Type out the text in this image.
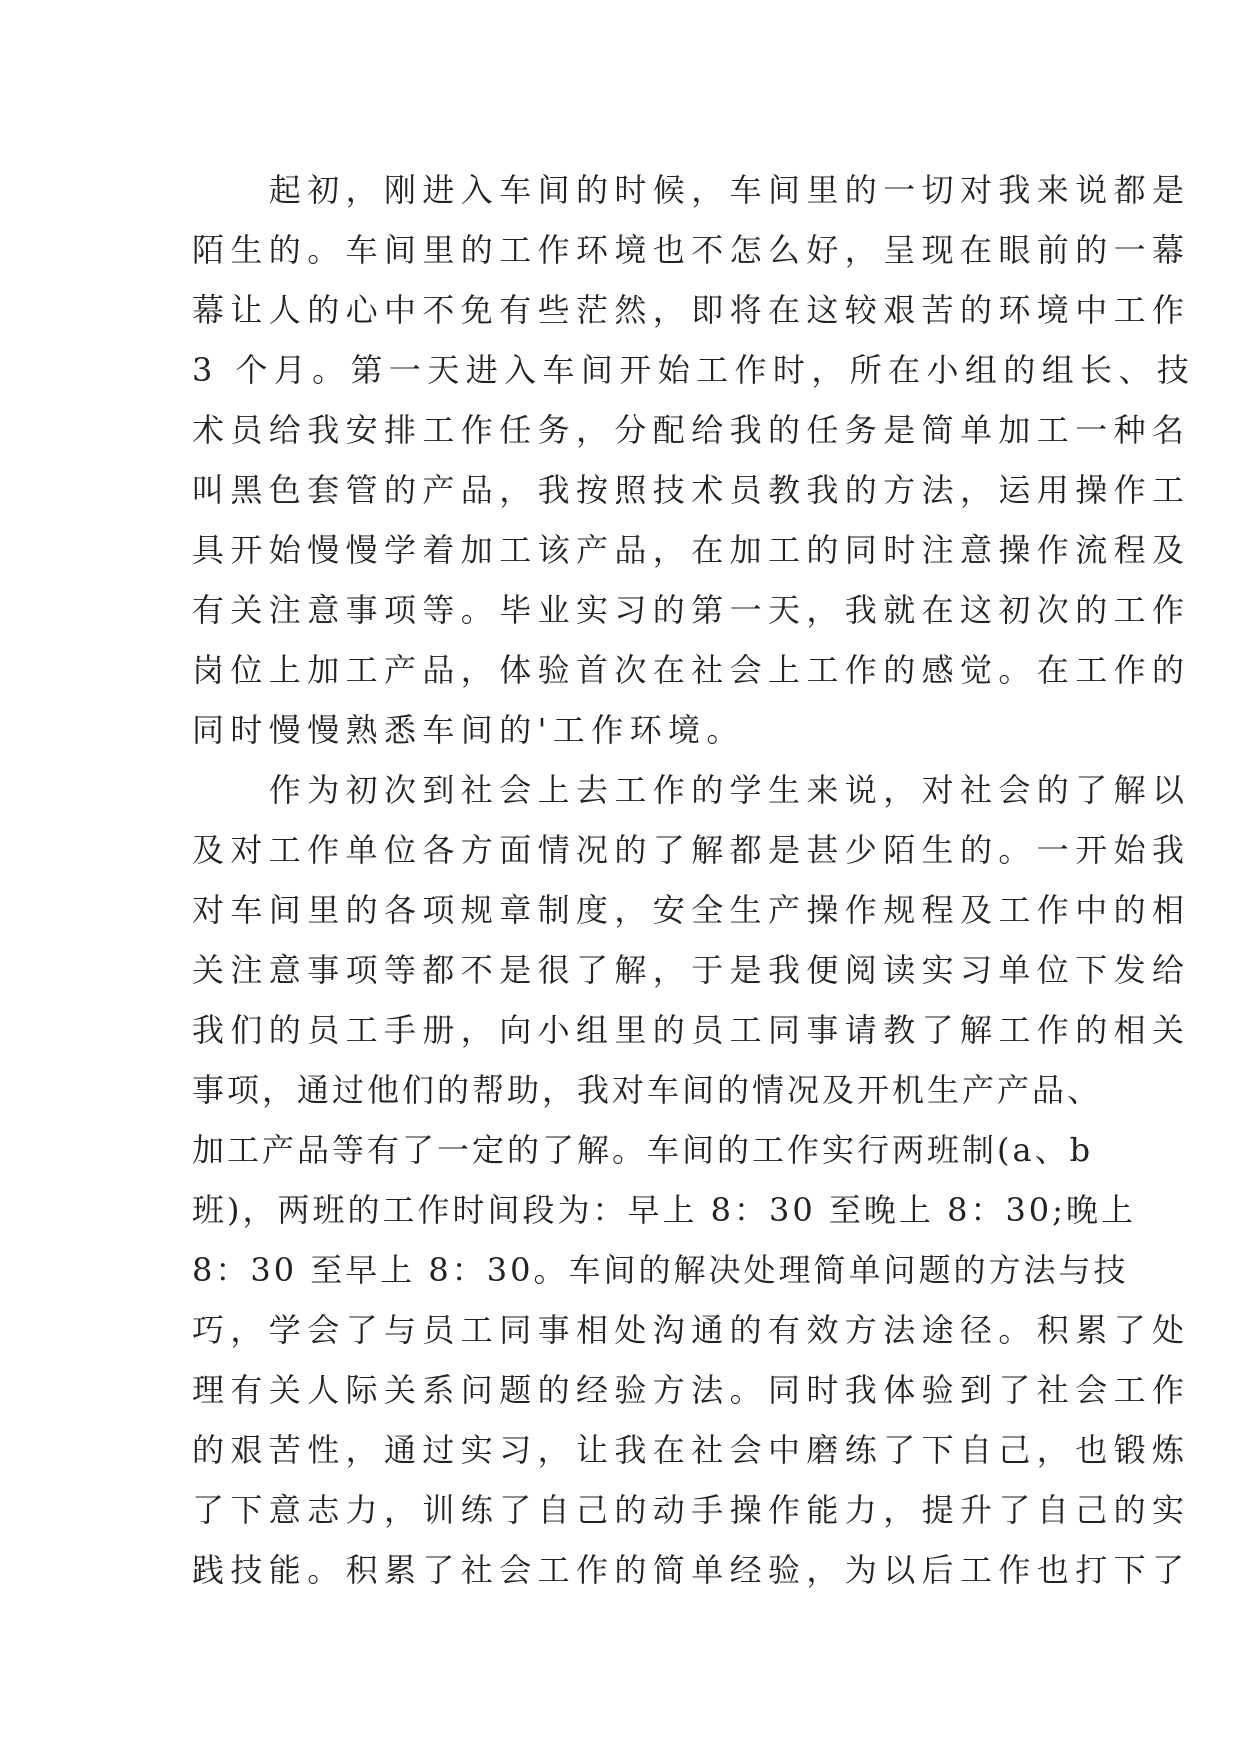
　　起初，刚进入车间的时候，车间里的一切对我来说都是
陌生的。车间里的工作环境也不怎么好，呈现在眼前的一幕
幕让人的心中不免有些茫然，即将在这较艰苦的环境中工作
3 个月。第一天进入车间开始工作时，所在小组的组长、技
术员给我安排工作任务，分配给我的任务是简单加工一种名
叫黑色套管的产品，我按照技术员教我的方法，运用操作工
具开始慢慢学着加工该产品，在加工的同时注意操作流程及
有关注意事项等。毕业实习的第一天，我就在这初次的工作
岗位上加工产品，体验首次在社会上工作的感觉。在工作的
同时慢慢熟悉车间的'工作环境。
　　作为初次到社会上去工作的学生来说，对社会的了解以
及对工作单位各方面情况的了解都是甚少陌生的。一开始我
对车间里的各项规章制度，安全生产操作规程及工作中的相
关注意事项等都不是很了解，于是我便阅读实习单位下发给
我们的员工手册，向小组里的员工同事请教了解工作的相关
事项，通过他们的帮助，我对车间的情况及开机生产产品、
加工产品等有了一定的了解。车间的工作实行两班制(a、b
班)，两班的工作时间段为：早上 8：30 至晚上 8：30;晚上
8：30 至早上 8：30。车间的解决处理简单问题的方法与技
巧，学会了与员工同事相处沟通的有效方法途径。积累了处
理有关人际关系问题的经验方法。同时我体验到了社会工作
的艰苦性，通过实习，让我在社会中磨练了下自己，也锻炼
了下意志力，训练了自己的动手操作能力，提升了自己的实
践技能。积累了社会工作的简单经验，为以后工作也打下了
